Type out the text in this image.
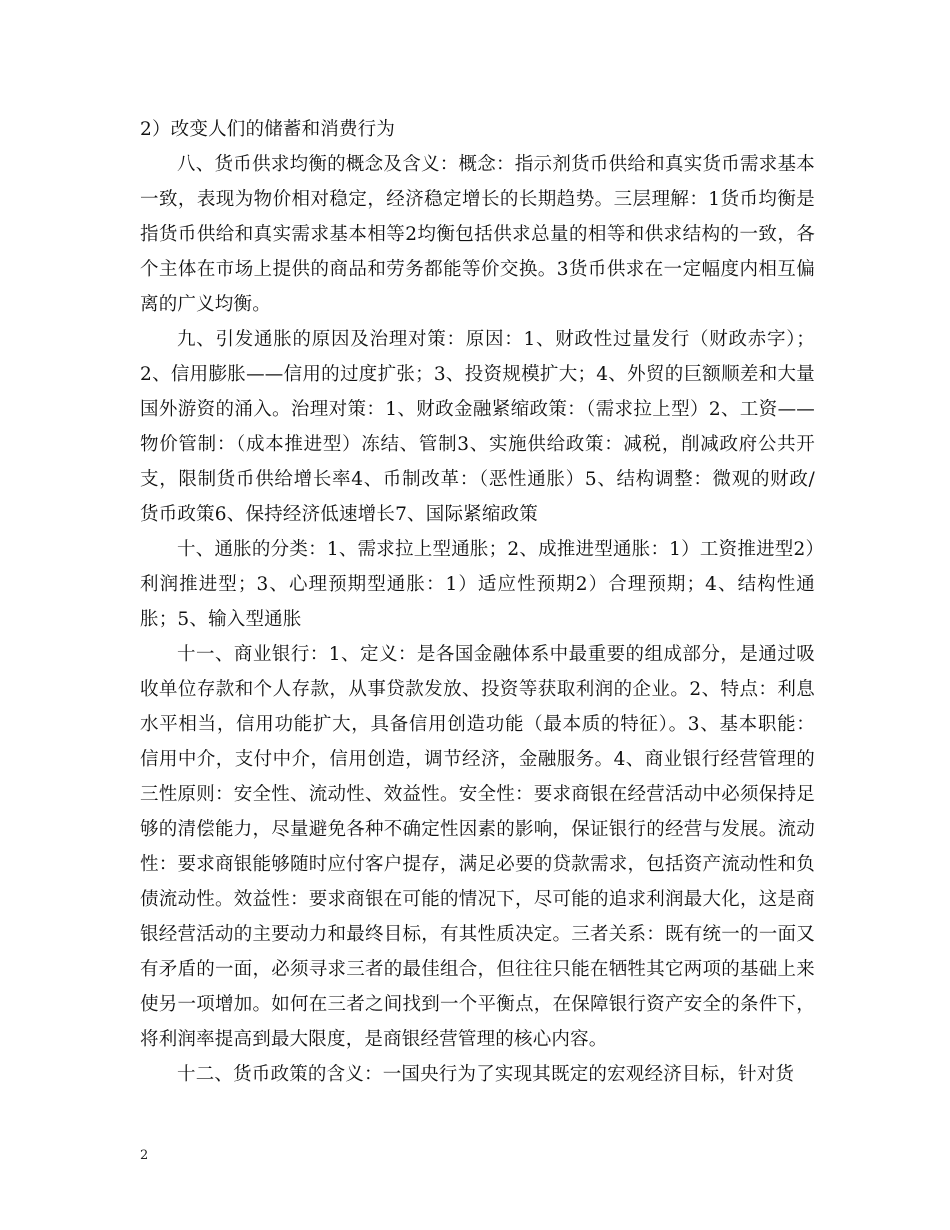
2）改变人们的储蓄和消费行为

八、货币供求均衡的概念及含义：概念：指示剂货币供给和真实货币需求基本一致，表现为物价相对稳定，经济稳定增长的长期趋势。三层理解：1货币均衡是指货币供给和真实需求基本相等2均衡包括供求总量的相等和供求结构的一致，各个主体在市场上提供的商品和劳务都能等价交换。3货币供求在一定幅度内相互偏离的广义均衡。

九、引发通胀的原因及治理对策：原因：1、财政性过量发行（财政赤字）；2、信用膨胀——信用的过度扩张；3、投资规模扩大；4、外贸的巨额顺差和大量国外游资的涌入。治理对策：1、财政金融紧缩政策：（需求拉上型）2、工资——物价管制：（成本推进型）冻结、管制3、实施供给政策：减税，削减政府公共开支，限制货币供给增长率4、币制改革：（恶性通胀）5、结构调整：微观的财政/货币政策6、保持经济低速增长7、国际紧缩政策

十、通胀的分类：1、需求拉上型通胀；2、成推进型通胀：1）工资推进型2）利润推进型；3、心理预期型通胀：1）适应性预期2）合理预期；4、结构性通胀；5、输入型通胀

十一、商业银行：1、定义：是各国金融体系中最重要的组成部分，是通过吸收单位存款和个人存款，从事贷款发放、投资等获取利润的企业。2、特点：利息水平相当，信用功能扩大，具备信用创造功能（最本质的特征）。3、基本职能：信用中介，支付中介，信用创造，调节经济，金融服务。4、商业银行经营管理的三性原则：安全性、流动性、效益性。安全性：要求商银在经营活动中必须保持足够的清偿能力，尽量避免各种不确定性因素的影响，保证银行的经营与发展。流动性：要求商银能够随时应付客户提存，满足必要的贷款需求，包括资产流动性和负债流动性。效益性：要求商银在可能的情况下，尽可能的追求利润最大化，这是商银经营活动的主要动力和最终目标，有其性质决定。三者关系：既有统一的一面又有矛盾的一面，必须寻求三者的最佳组合，但往往只能在牺牲其它两项的基础上来使另一项增加。如何在三者之间找到一个平衡点，在保障银行资产安全的条件下，将利润率提高到最大限度，是商银经营管理的核心内容。

十二、货币政策的含义：一国央行为了实现其既定的宏观经济目标，针对货

2
